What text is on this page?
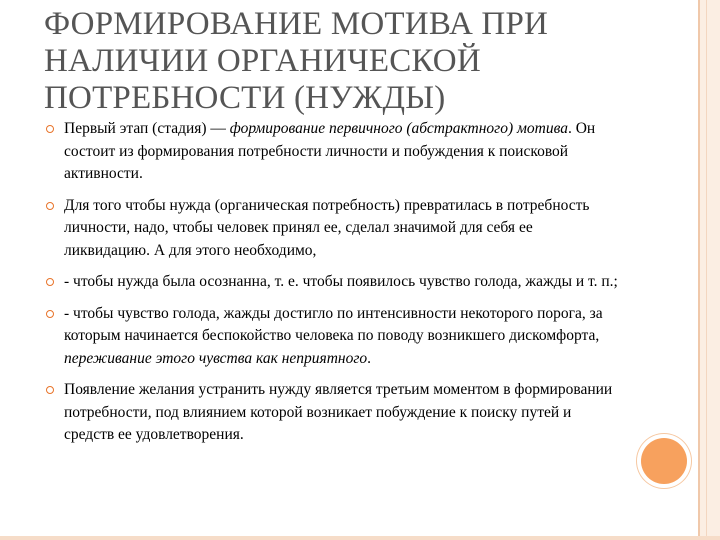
ФОРМИРОВАНИЕ МОТИВА ПРИ
НАЛИЧИИ ОРГАНИЧЕСКОЙ
ПОТРЕБНОСТИ (НУЖДЫ)
Первый этап (стадия) — формирование первичного (абстрактного) мотива. Он состоит из формирования потребности личности и побуждения к поисковой активности.
Для того чтобы нужда (органическая потребность) превратилась в потребность личности, надо, чтобы человек принял ее, сделал значимой для себя ее ликвидацию. А для этого необходимо,
- чтобы нужда была осознанна, т. е. чтобы появилось чувство голода, жажды и т. п.;
- чтобы чувство голода, жажды достигло по интенсивности некоторого порога, за которым начинается беспокойство человека по поводу возникшего дискомфорта, переживание этого чувства как неприятного.
Появление желания устранить нужду является третьим моментом в формировании потребности, под влиянием которой возникает побуждение к поиску путей и средств ее удовлетворения.
